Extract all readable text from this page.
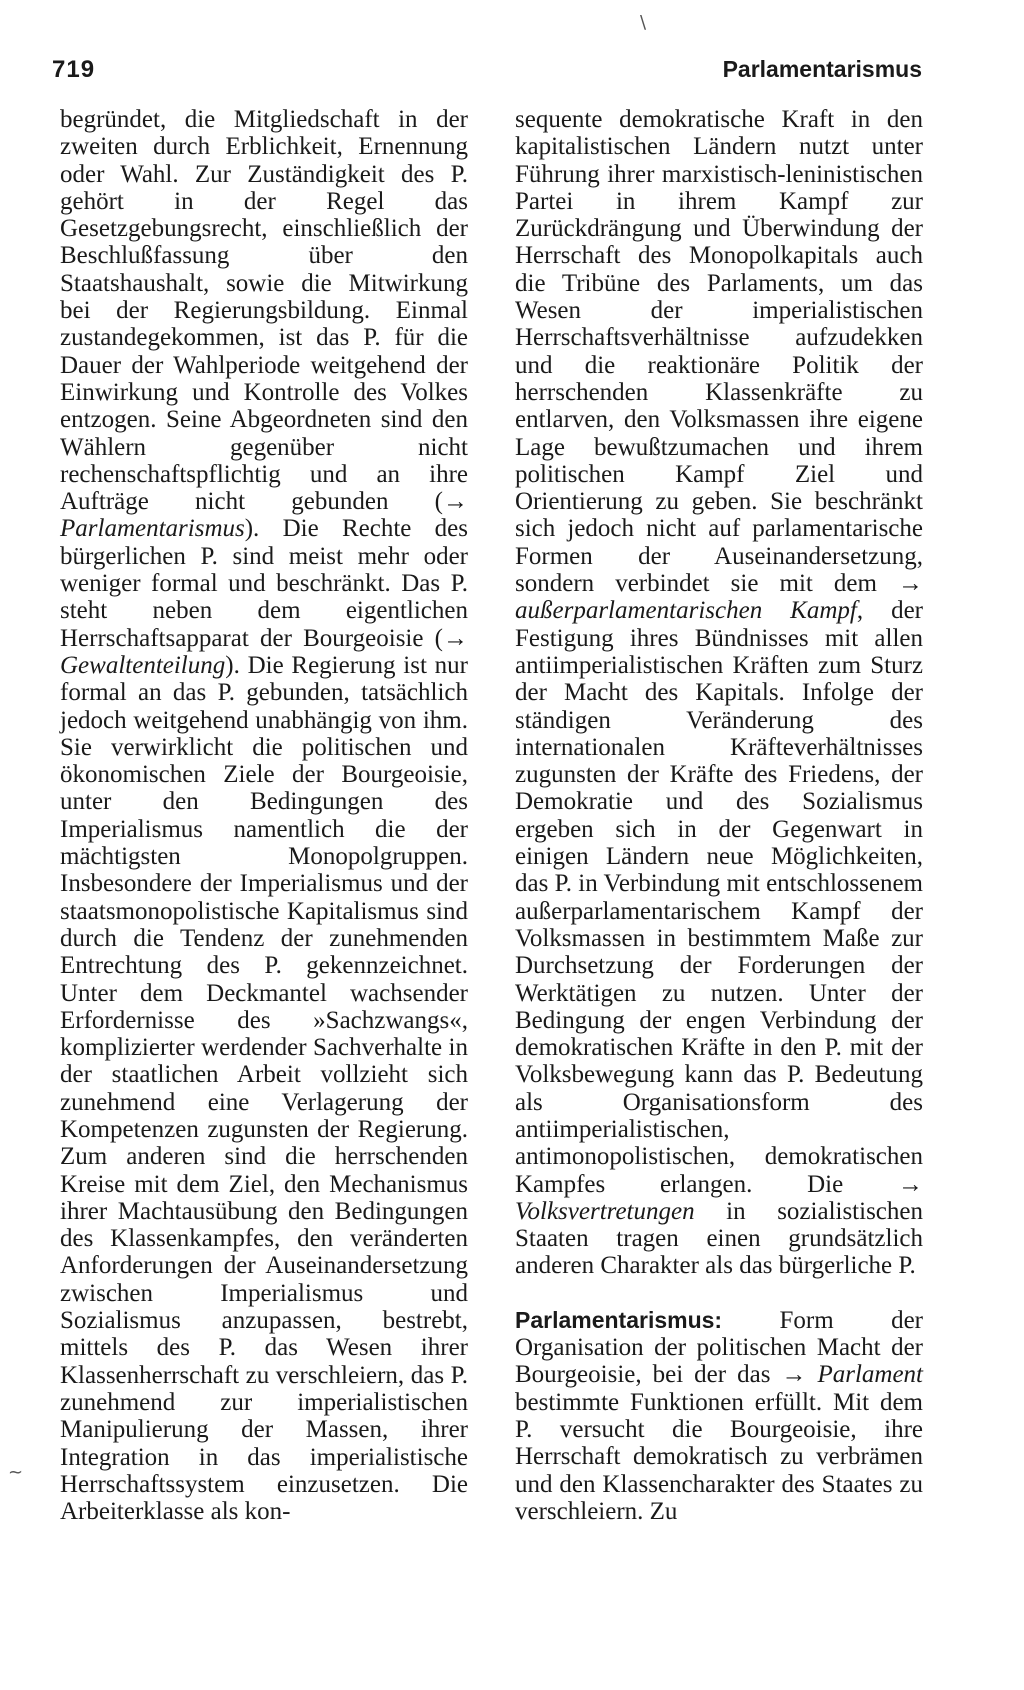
719	Parlamentarismus
\
~

begründet, die Mitgliedschaft in der zweiten durch Erblichkeit, Ernennung oder Wahl. Zur Zuständigkeit des P. gehört in der Regel das Gesetzgebungsrecht, einschließlich der Beschlußfassung über den Staatshaushalt, sowie die Mitwirkung bei der Regierungsbildung. Einmal zustandegekommen, ist das P. für die Dauer der Wahlperiode weitgehend der Einwirkung und Kontrolle des Volkes entzogen. Seine Abgeordneten sind den Wählern gegenüber nicht rechenschaftspflichtig und an ihre Aufträge nicht gebunden (→ Parlamentarismus). Die Rechte des bürgerlichen P. sind meist mehr oder weniger formal und beschränkt. Das P. steht neben dem eigentlichen Herrschaftsapparat der Bourgeoisie (→ Gewaltenteilung). Die Regierung ist nur formal an das P. gebunden, tatsächlich jedoch weitgehend unabhängig von ihm. Sie verwirklicht die politischen und ökonomischen Ziele der Bourgeoisie, unter den Bedingungen des Imperialismus namentlich die der mächtigsten Monopolgruppen. Insbesondere der Imperialismus und der staatsmonopolistische Kapitalismus sind durch die Tendenz der zunehmenden Entrechtung des P. gekennzeichnet. Unter dem Deckmantel wachsender Erfordernisse des »Sachzwangs«, komplizierter werdender Sachverhalte in der staatlichen Arbeit vollzieht sich zunehmend eine Verlagerung der Kompetenzen zugunsten der Regierung. Zum anderen sind die herrschenden Kreise mit dem Ziel, den Mechanismus ihrer Machtausübung den Bedingungen des Klassenkampfes, den veränderten Anforderungen der Auseinandersetzung zwischen Imperialismus und Sozialismus anzupassen, bestrebt, mittels des P. das Wesen ihrer Klassenherrschaft zu verschleiern, das P. zunehmend zur imperialistischen Manipulierung der Massen, ihrer Integration in das imperialistische Herrschaftssystem einzusetzen. Die Arbeiterklasse als kon-

sequente demokratische Kraft in den kapitalistischen Ländern nutzt unter Führung ihrer marxistisch-leninistischen Partei in ihrem Kampf zur Zurückdrängung und Überwindung der Herrschaft des Monopolkapitals auch die Tribüne des Parlaments, um das Wesen der imperialistischen Herrschaftsverhältnisse aufzudekken und die reaktionäre Politik der herrschenden Klassenkräfte zu entlarven, den Volksmassen ihre eigene Lage bewußtzumachen und ihrem politischen Kampf Ziel und Orientierung zu geben. Sie beschränkt sich jedoch nicht auf parlamentarische Formen der Auseinandersetzung, sondern verbindet sie mit dem → außerparlamentarischen Kampf, der Festigung ihres Bündnisses mit allen antiimperialistischen Kräften zum Sturz der Macht des Kapitals. Infolge der ständigen Veränderung des internationalen Kräfteverhältnisses zugunsten der Kräfte des Friedens, der Demokratie und des Sozialismus ergeben sich in der Gegenwart in einigen Ländern neue Möglichkeiten, das P. in Verbindung mit entschlossenem außerparlamentarischem Kampf der Volksmassen in bestimmtem Maße zur Durchsetzung der Forderungen der Werktätigen zu nutzen. Unter der Bedingung der engen Verbindung der demokratischen Kräfte in den P. mit der Volksbewegung kann das P. Bedeutung als Organisationsform des antiimperialistischen, antimonopolistischen, demokratischen Kampfes erlangen. Die → Volksvertretungen in sozialistischen Staaten tragen einen grundsätzlich anderen Charakter als das bürgerliche P.

Parlamentarismus: Form der Organisation der politischen Macht der Bourgeoisie, bei der das → Parlament bestimmte Funktionen erfüllt. Mit dem P. versucht die Bourgeoisie, ihre Herrschaft demokratisch zu verbrämen und den Klassencharakter des Staates zu verschleiern. Zu
